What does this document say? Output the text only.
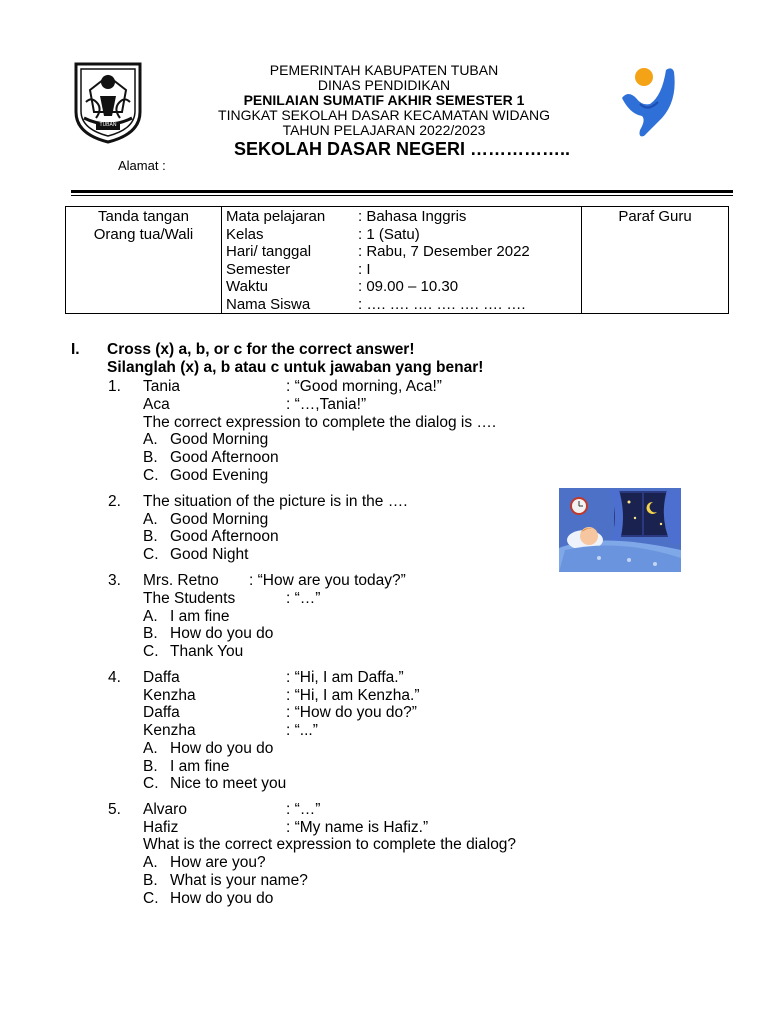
TUBAN
PEMERINTAH KABUPATEN TUBAN
DINAS PENDIDIKAN
PENILAIAN SUMATIF AKHIR SEMESTER 1
TINGKAT SEKOLAH DASAR KECAMATAN WIDANG
TAHUN PELAJARAN 2022/2023
SEKOLAH DASAR NEGERI ……………..
Alamat :
Tanda tangan
Orang tua/Wali

Mata pelajaran	: Bahasa Inggris
Kelas	: 1 (Satu)
Hari/ tanggal	: Rabu, 7 Desember 2022
Semester	: I
Waktu	: 09.00 – 10.30
Nama Siswa	: …. …. …. …. …. …. ….

Paraf Guru
I. Cross (x) a, b, or c for the correct answer!
Silanglah (x) a, b atau c untuk jawaban yang benar!
1. Tania	: “Good morning, Aca!”
Aca	: “…,Tania!”
The correct expression to complete the dialog is ….
A. Good Morning
B. Good Afternoon
C. Good Evening
2. The situation of the picture is in the ….
A. Good Morning
B. Good Afternoon
C. Good Night
3. Mrs. Retno : “How are you today?”
The Students	: “…”
A. I am fine
B. How do you do
C. Thank You
4. Daffa	: “Hi, I am Daffa.”
Kenzha	: “Hi, I am Kenzha.”
Daffa	: “How do you do?”
Kenzha	: “...”
A. How do you do
B. I am fine
C. Nice to meet you
5. Alvaro	: “…”
Hafiz	: “My name is Hafiz.”
What is the correct expression to complete the dialog?
A. How are you?
B. What is your name?
C. How do you do
